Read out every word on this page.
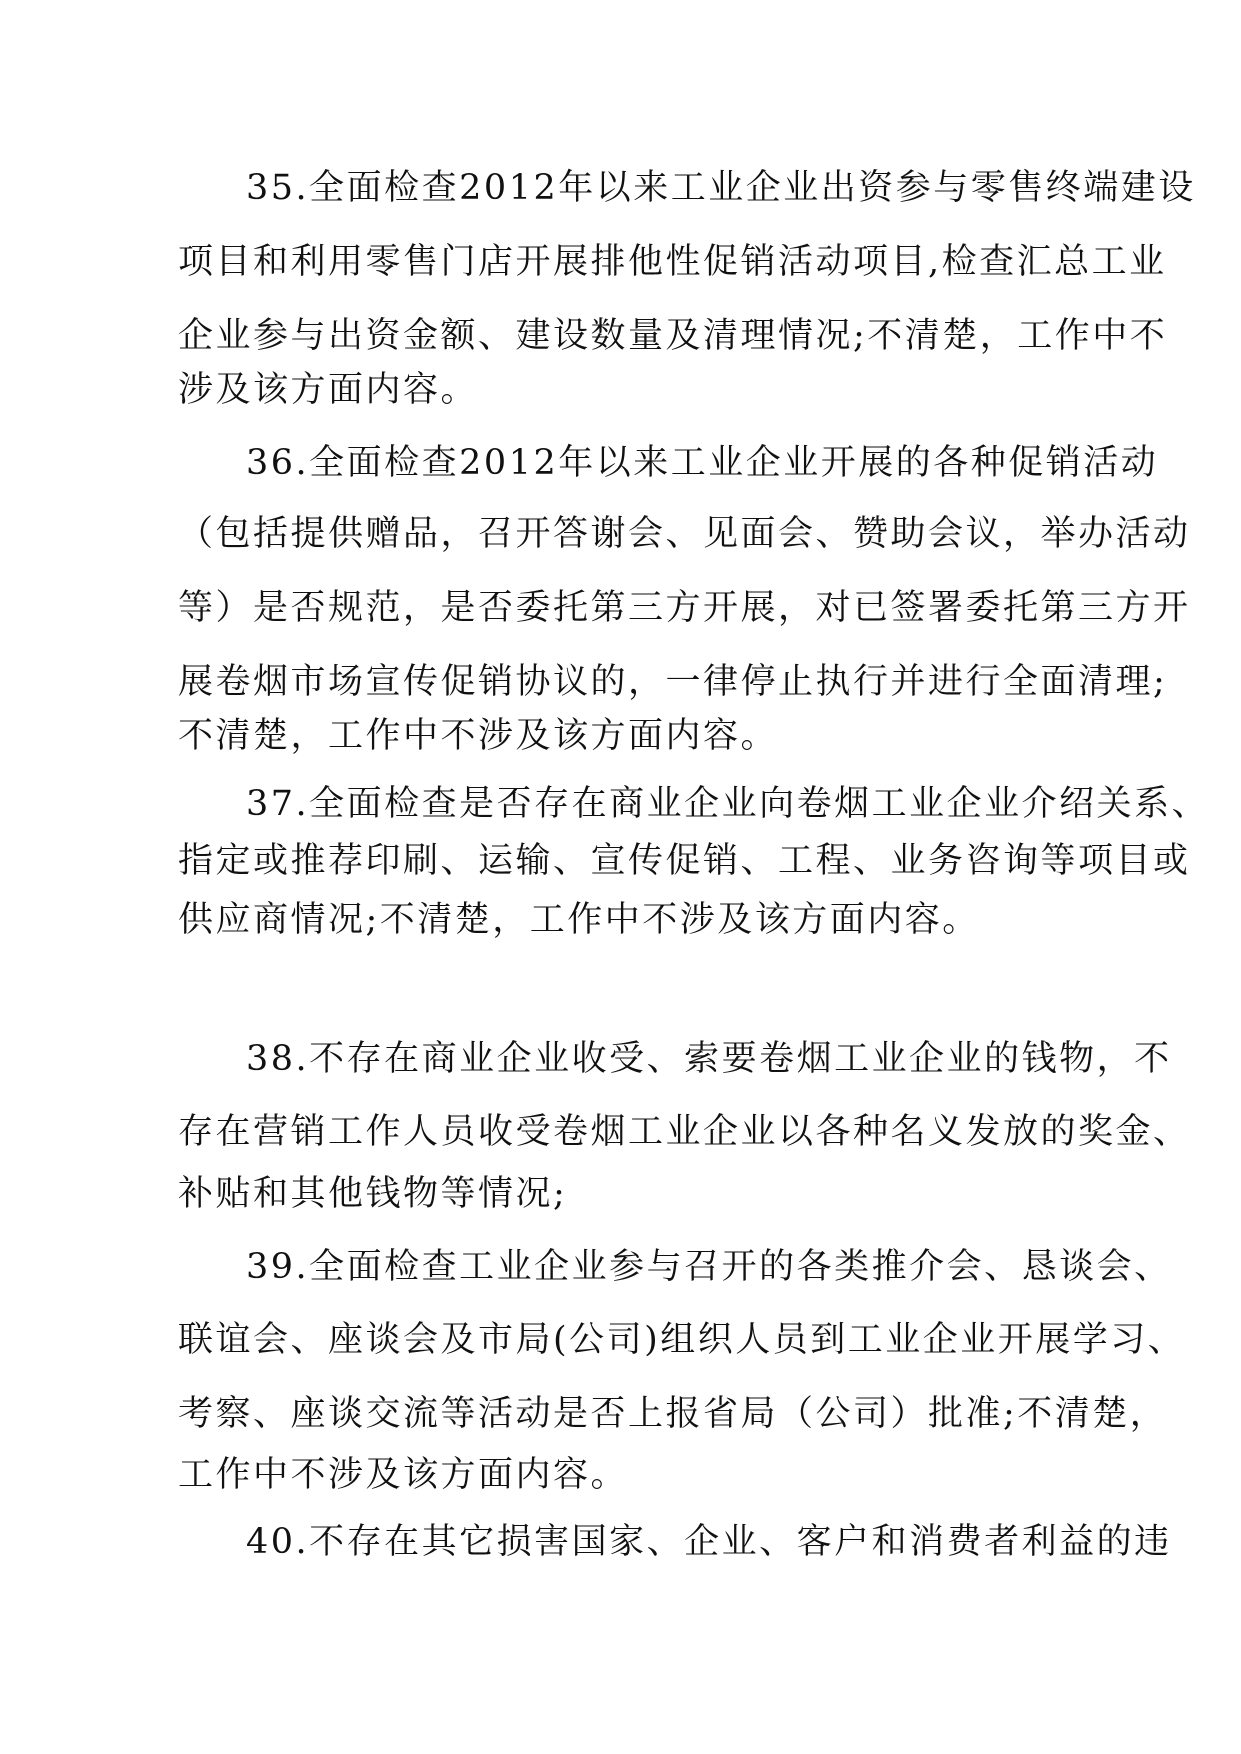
35.全面检查2012年以来工业企业出资参与零售终端建设

项目和利用零售门店开展排他性促销活动项目,检查汇总工业

企业参与出资金额、建设数量及清理情况;不清楚，工作中不

涉及该方面内容。

36.全面检查2012年以来工业企业开展的各种促销活动

（包括提供赠品，召开答谢会、见面会、赞助会议，举办活动

等）是否规范，是否委托第三方开展，对已签署委托第三方开

展卷烟市场宣传促销协议的，一律停止执行并进行全面清理;

不清楚，工作中不涉及该方面内容。

37.全面检查是否存在商业企业向卷烟工业企业介绍关系、

指定或推荐印刷、运输、宣传促销、工程、业务咨询等项目或

供应商情况;不清楚，工作中不涉及该方面内容。

38.不存在商业企业收受、索要卷烟工业企业的钱物，不

存在营销工作人员收受卷烟工业企业以各种名义发放的奖金、

补贴和其他钱物等情况;

39.全面检查工业企业参与召开的各类推介会、恳谈会、

联谊会、座谈会及市局(公司)组织人员到工业企业开展学习、

考察、座谈交流等活动是否上报省局（公司）批准;不清楚，

工作中不涉及该方面内容。

40.不存在其它损害国家、企业、客户和消费者利益的违
